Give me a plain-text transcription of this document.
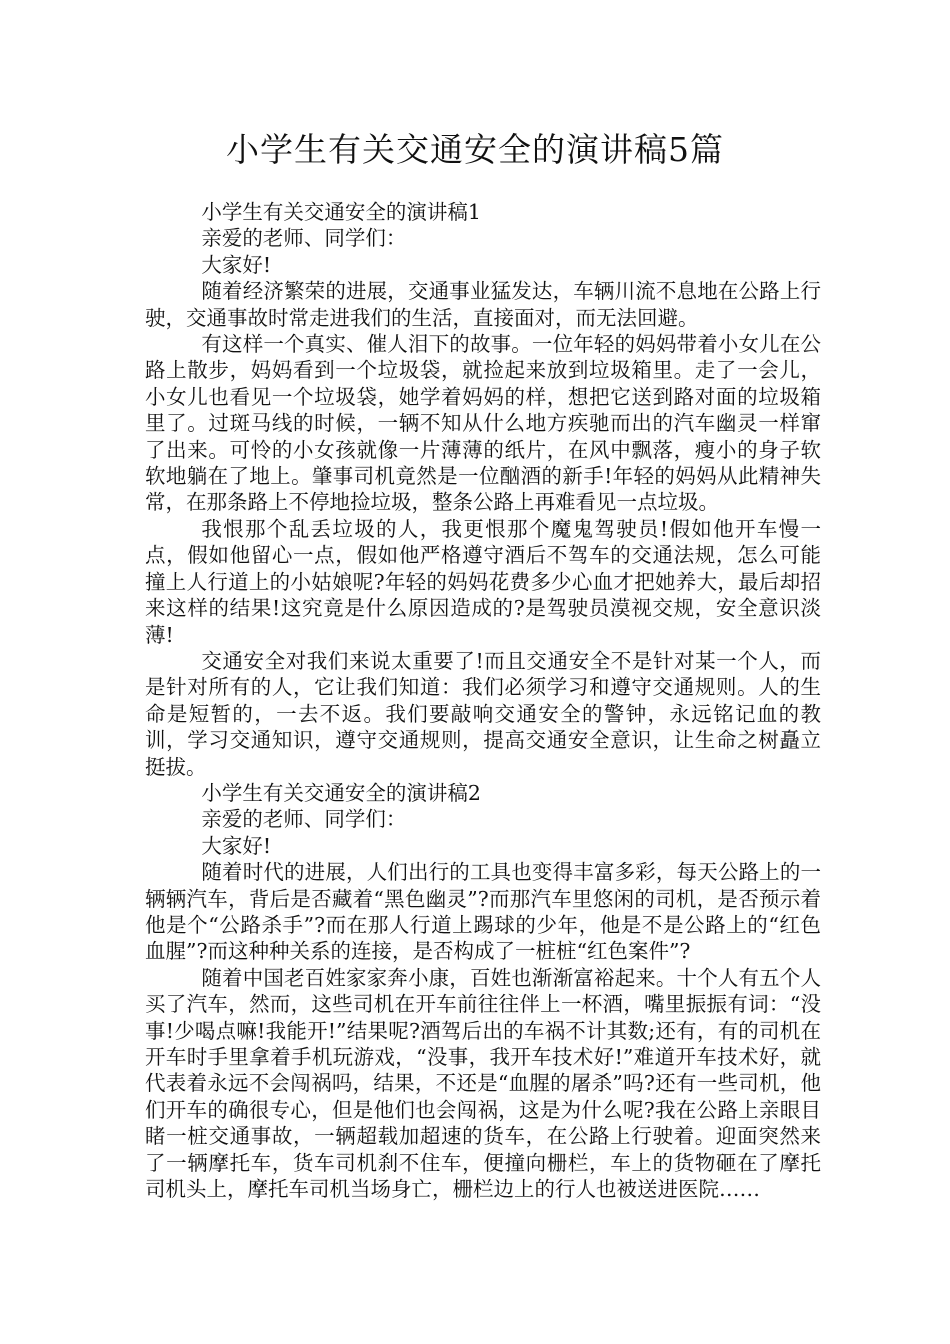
小学生有关交通安全的演讲稿5篇

小学生有关交通安全的演讲稿1

亲爱的老师、同学们：

大家好!

随着经济繁荣的进展，交通事业猛发达，车辆川流不息地在公路上行驶，交通事故时常走进我们的生活，直接面对，而无法回避。

有这样一个真实、催人泪下的故事。一位年轻的妈妈带着小女儿在公路上散步，妈妈看到一个垃圾袋，就捡起来放到垃圾箱里。走了一会儿，小女儿也看见一个垃圾袋，她学着妈妈的样，想把它送到路对面的垃圾箱里了。过斑马线的时候，一辆不知从什么地方疾驰而出的汽车幽灵一样窜了出来。可怜的小女孩就像一片薄薄的纸片，在风中飘落，瘦小的身子软软地躺在了地上。肇事司机竟然是一位酗酒的新手!年轻的妈妈从此精神失常，在那条路上不停地捡垃圾，整条公路上再难看见一点垃圾。

我恨那个乱丢垃圾的人，我更恨那个魔鬼驾驶员!假如他开车慢一点，假如他留心一点，假如他严格遵守酒后不驾车的交通法规，怎么可能撞上人行道上的小姑娘呢?年轻的妈妈花费多少心血才把她养大，最后却招来这样的结果!这究竟是什么原因造成的?是驾驶员漠视交规，安全意识淡薄!

交通安全对我们来说太重要了!而且交通安全不是针对某一个人，而是针对所有的人，它让我们知道：我们必须学习和遵守交通规则。人的生命是短暂的，一去不返。我们要敲响交通安全的警钟，永远铭记血的教训，学习交通知识，遵守交通规则，提高交通安全意识，让生命之树矗立挺拔。

小学生有关交通安全的演讲稿2

亲爱的老师、同学们：

大家好!

随着时代的进展，人们出行的工具也变得丰富多彩，每天公路上的一辆辆汽车，背后是否藏着“黑色幽灵”?而那汽车里悠闲的司机，是否预示着他是个“公路杀手”?而在那人行道上踢球的少年，他是不是公路上的“红色血腥”?而这种种关系的连接，是否构成了一桩桩“红色案件”?

随着中国老百姓家家奔小康，百姓也渐渐富裕起来。十个人有五个人买了汽车，然而，这些司机在开车前往往伴上一杯酒，嘴里振振有词：“没事!少喝点嘛!我能开!”结果呢?酒驾后出的车祸不计其数;还有，有的司机在开车时手里拿着手机玩游戏，“没事，我开车技术好!”难道开车技术好，就代表着永远不会闯祸吗，结果，不还是“血腥的屠杀”吗?还有一些司机，他们开车的确很专心，但是他们也会闯祸，这是为什么呢?我在公路上亲眼目睹一桩交通事故，一辆超载加超速的货车，在公路上行驶着。迎面突然来了一辆摩托车，货车司机刹不住车，便撞向栅栏，车上的货物砸在了摩托司机头上，摩托车司机当场身亡，栅栏边上的行人也被送进医院……
